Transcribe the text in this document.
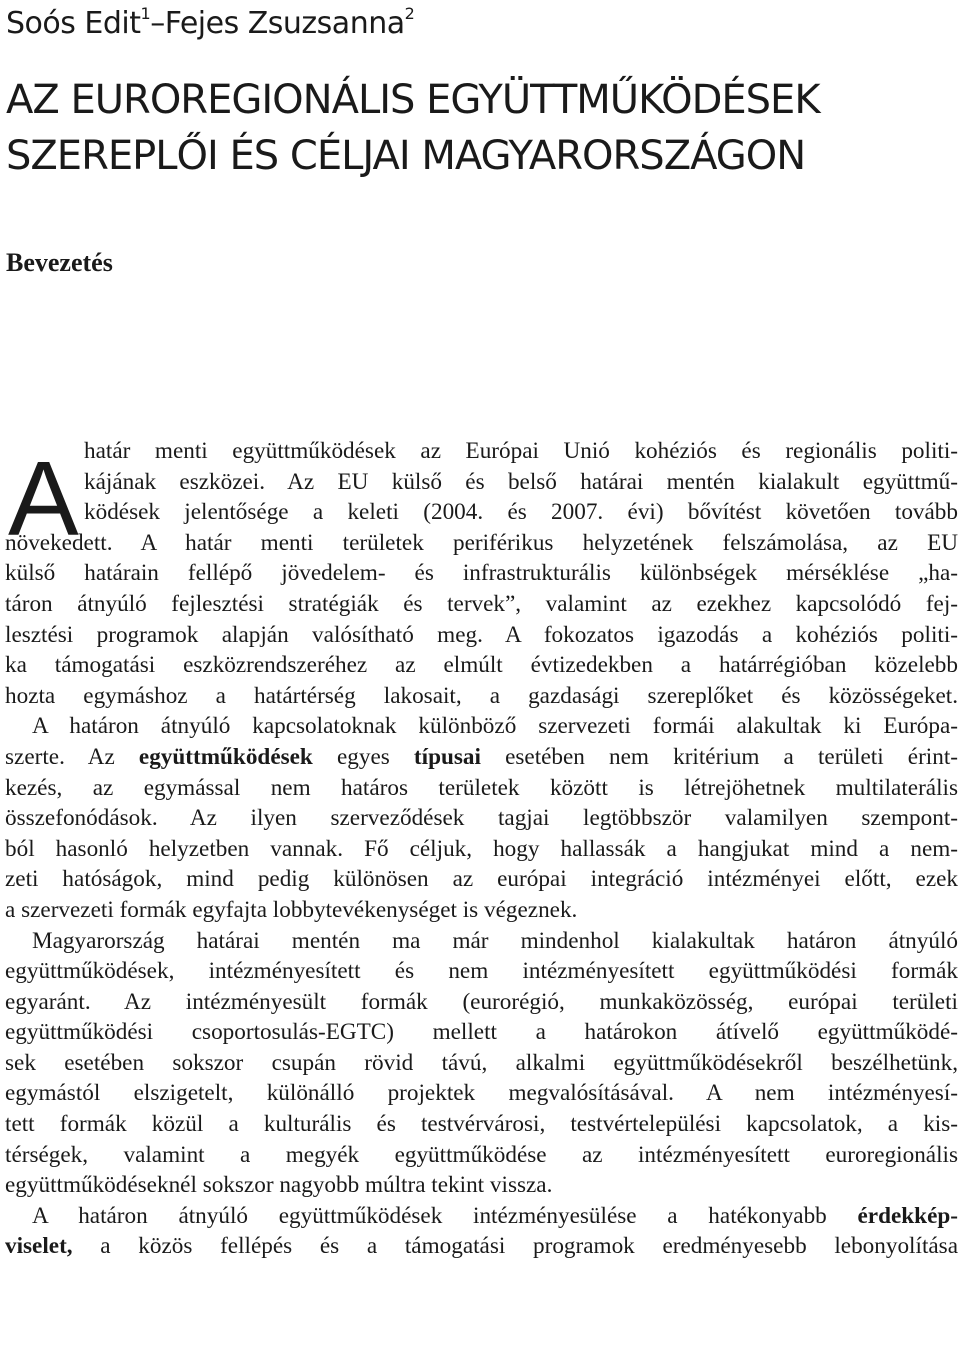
Soós Edit$^1$–Fejes Zsuzsanna$^2$
AZ EUROREGIONÁLIS EGYÜTTMŰKÖDÉSEK
SZEREPLŐI ÉS CÉLJAI MAGYARORSZÁGON
Bevezetés
A határ menti együttműködések az Európai Unió kohéziós és regionális politi-
kájának eszközei. Az EU külső és belső határai mentén kialakult együttmű-
ködések jelentősége a keleti (2004. és 2007. évi) bővítést követően tovább
növekedett. A határ menti területek periférikus helyzetének felszámolása, az EU
külső határain fellépő jövedelem- és infrastrukturális különbségek mérséklése „ha-
táron átnyúló fejlesztési stratégiák és tervek”, valamint az ezekhez kapcsolódó fej-
lesztési programok alapján valósítható meg. A fokozatos igazodás a kohéziós politi-
ka támogatási eszközrendszeréhez az elmúlt évtizedekben a határrégióban közelebb
hozta egymáshoz a határtérség lakosait, a gazdasági szereplőket és közösségeket.
A határon átnyúló kapcsolatoknak különböző szervezeti formái alakultak ki Európa-
szerte. Az együttműködések egyes típusai esetében nem kritérium a területi érint-
kezés, az egymással nem határos területek között is létrejöhetnek multilaterális
összefonódások. Az ilyen szerveződések tagjai legtöbbször valamilyen szempont-
ból hasonló helyzetben vannak. Fő céljuk, hogy hallassák a hangjukat mind a nem-
zeti hatóságok, mind pedig különösen az európai integráció intézményei előtt, ezek
a szervezeti formák egyfajta lobbytevékenységet is végeznek.
Magyarország határai mentén ma már mindenhol kialakultak határon átnyúló
együttműködések, intézményesített és nem intézményesített együttműködési formák
egyaránt. Az intézményesült formák (eurorégió, munkaközösség, európai területi
együttműködési csoportosulás-EGTC) mellett a határokon átívelő együttműködé-
sek esetében sokszor csupán rövid távú, alkalmi együttműködésekről beszélhetünk,
egymástól elszigetelt, különálló projektek megvalósításával. A nem intézményesí-
tett formák közül a kulturális és testvérvárosi, testvértelepülési kapcsolatok, a kis-
térségek, valamint a megyék együttműködése az intézményesített euroregionális
együttműködéseknél sokszor nagyobb múltra tekint vissza.
A határon átnyúló együttműködések intézményesülése a hatékonyabb érdekkép-
viselet, a közös fellépés és a támogatási programok eredményesebb lebonyolítása
